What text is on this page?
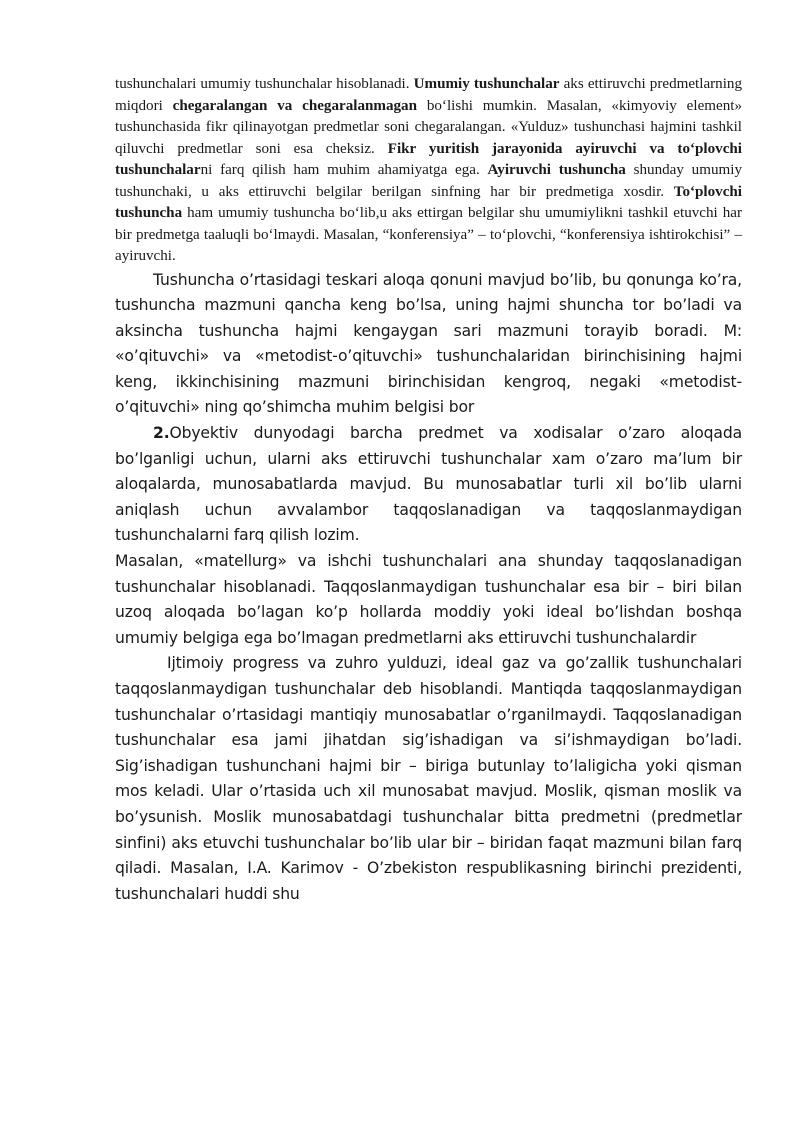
tushunchalari umumiy tushunchalar hisoblanadi. Umumiy tushunchalar aks ettiruvchi predmetlarning miqdori chegaralangan va chegaralanmagan bo‘lishi mumkin. Masalan, «kimyoviy element» tushunchasida fikr qilinayotgan predmetlar soni chegaralangan. «Yulduz» tushunchasi hajmini tashkil qiluvchi predmetlar soni esa cheksiz. Fikr yuritish jarayonida ayiruvchi va to‘plovchi tushunchalarni farq qilish ham muhim ahamiyatga ega. Ayiruvchi tushuncha shunday umumiy tushunchaki, u aks ettiruvchi belgilar berilgan sinfning har bir predmetiga xosdir. To‘plovchi tushuncha ham umumiy tushuncha bo‘lib,u aks ettirgan belgilar shu umumiylikni tashkil etuvchi har bir predmetga taaluqli bo‘lmaydi. Masalan, “konferensiya” – to‘plovchi, “konferensiya ishtirokchisi” – ayiruvchi.

Tushuncha o’rtasidagi teskari aloqa qonuni mavjud bo’lib, bu qonunga ko’ra, tushuncha mazmuni qancha keng bo’lsa, uning hajmi shuncha tor bo’ladi va aksincha tushuncha hajmi kengaygan sari mazmuni torayib boradi. M: «o’qituvchi» va «metodist-o’qituvchi» tushunchalaridan birinchisining hajmi keng, ikkinchisining mazmuni birinchisidan kengroq, negaki «metodist-o’qituvchi» ning qo’shimcha muhim belgisi bor

2.Obyektiv dunyodagi barcha predmet va xodisalar o’zaro aloqada bo’lganligi uchun, ularni aks ettiruvchi tushunchalar xam o’zaro ma’lum bir aloqalarda, munosabatlarda mavjud. Bu munosabatlar turli xil bo’lib ularni aniqlash uchun avvalambor taqqoslanadigan va taqqoslanmaydigan tushunchalarni farq qilish lozim.

Masalan, «matellurg» va ishchi tushunchalari ana shunday taqqoslanadigan tushunchalar hisoblanadi. Taqqoslanmaydigan tushunchalar esa bir – biri bilan uzoq aloqada bo’lagan ko’p hollarda moddiy yoki ideal bo’lishdan boshqa umumiy belgiga ega bo’lmagan predmetlarni aks ettiruvchi tushunchalardir

Ijtimoiy progress va zuhro yulduzi, ideal gaz va go’zallik tushunchalari taqqoslanmaydigan tushunchalar deb hisoblandi. Mantiqda taqqoslanmaydigan tushunchalar o’rtasidagi mantiqiy munosabatlar o’rganilmaydi. Taqqoslanadigan tushunchalar esa jami jihatdan sig’ishadigan va si’ishmaydigan bo’ladi. Sig’ishadigan tushunchani hajmi bir – biriga butunlay to’laligicha yoki qisman mos keladi. Ular o’rtasida uch xil munosabat mavjud. Moslik, qisman moslik va bo’ysunish. Moslik munosabatdagi tushunchalar bitta predmetni (predmetlar sinfini) aks etuvchi tushunchalar bo’lib ular bir – biridan faqat mazmuni bilan farq qiladi. Masalan, I.A. Karimov - O’zbekiston respublikasning birinchi prezidenti, tushunchalari huddi shu
